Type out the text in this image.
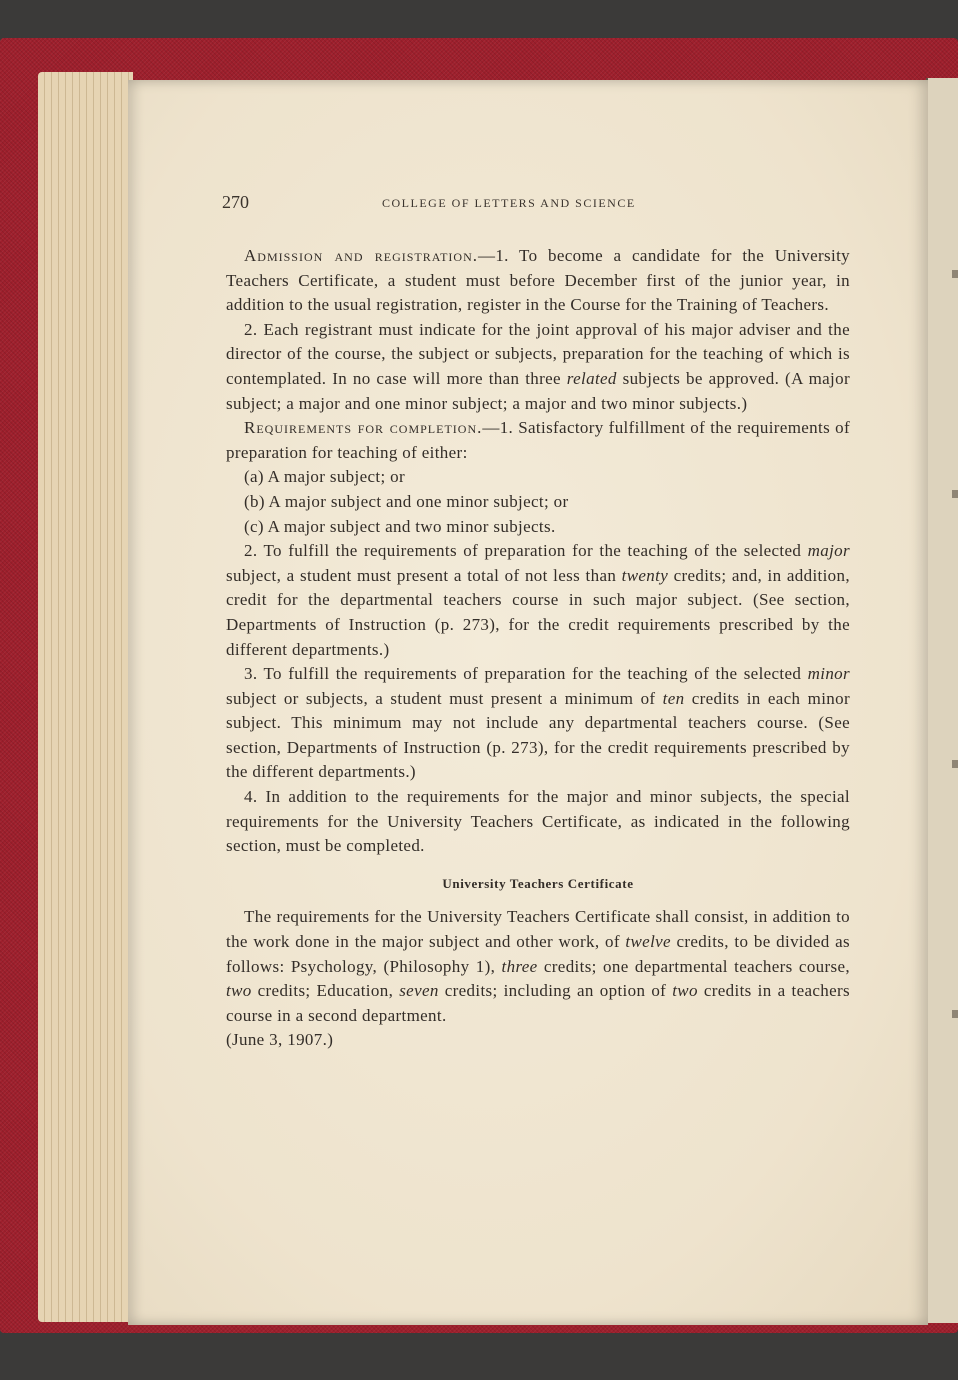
270	COLLEGE OF LETTERS AND SCIENCE

Admission and registration.—1. To become a candidate for the University Teachers Certificate, a student must before December first of the junior year, in addition to the usual registration, register in the Course for the Training of Teachers.

2. Each registrant must indicate for the joint approval of his major adviser and the director of the course, the subject or subjects, preparation for the teaching of which is contemplated. In no case will more than three related subjects be approved. (A major subject; a major and one minor subject; a major and two minor subjects.)

Requirements for completion.—1. Satisfactory fulfillment of the requirements of preparation for teaching of either:

(a) A major subject; or

(b) A major subject and one minor subject; or

(c) A major subject and two minor subjects.

2. To fulfill the requirements of preparation for the teaching of the selected major subject, a student must present a total of not less than twenty credits; and, in addition, credit for the departmental teachers course in such major subject. (See section, Departments of Instruction (p. 273), for the credit requirements prescribed by the different departments.)

3. To fulfill the requirements of preparation for the teaching of the selected minor subject or subjects, a student must present a minimum of ten credits in each minor subject. This minimum may not include any departmental teachers course. (See section, Departments of Instruction (p. 273), for the credit requirements prescribed by the different departments.)

4. In addition to the requirements for the major and minor subjects, the special requirements for the University Teachers Certificate, as indicated in the following section, must be completed.

University Teachers Certificate

The requirements for the University Teachers Certificate shall consist, in addition to the work done in the major subject and other work, of twelve credits, to be divided as follows: Psychology, (Philosophy 1), three credits; one departmental teachers course, two credits; Education, seven credits; including an option of two credits in a teachers course in a second department.

(June 3, 1907.)
